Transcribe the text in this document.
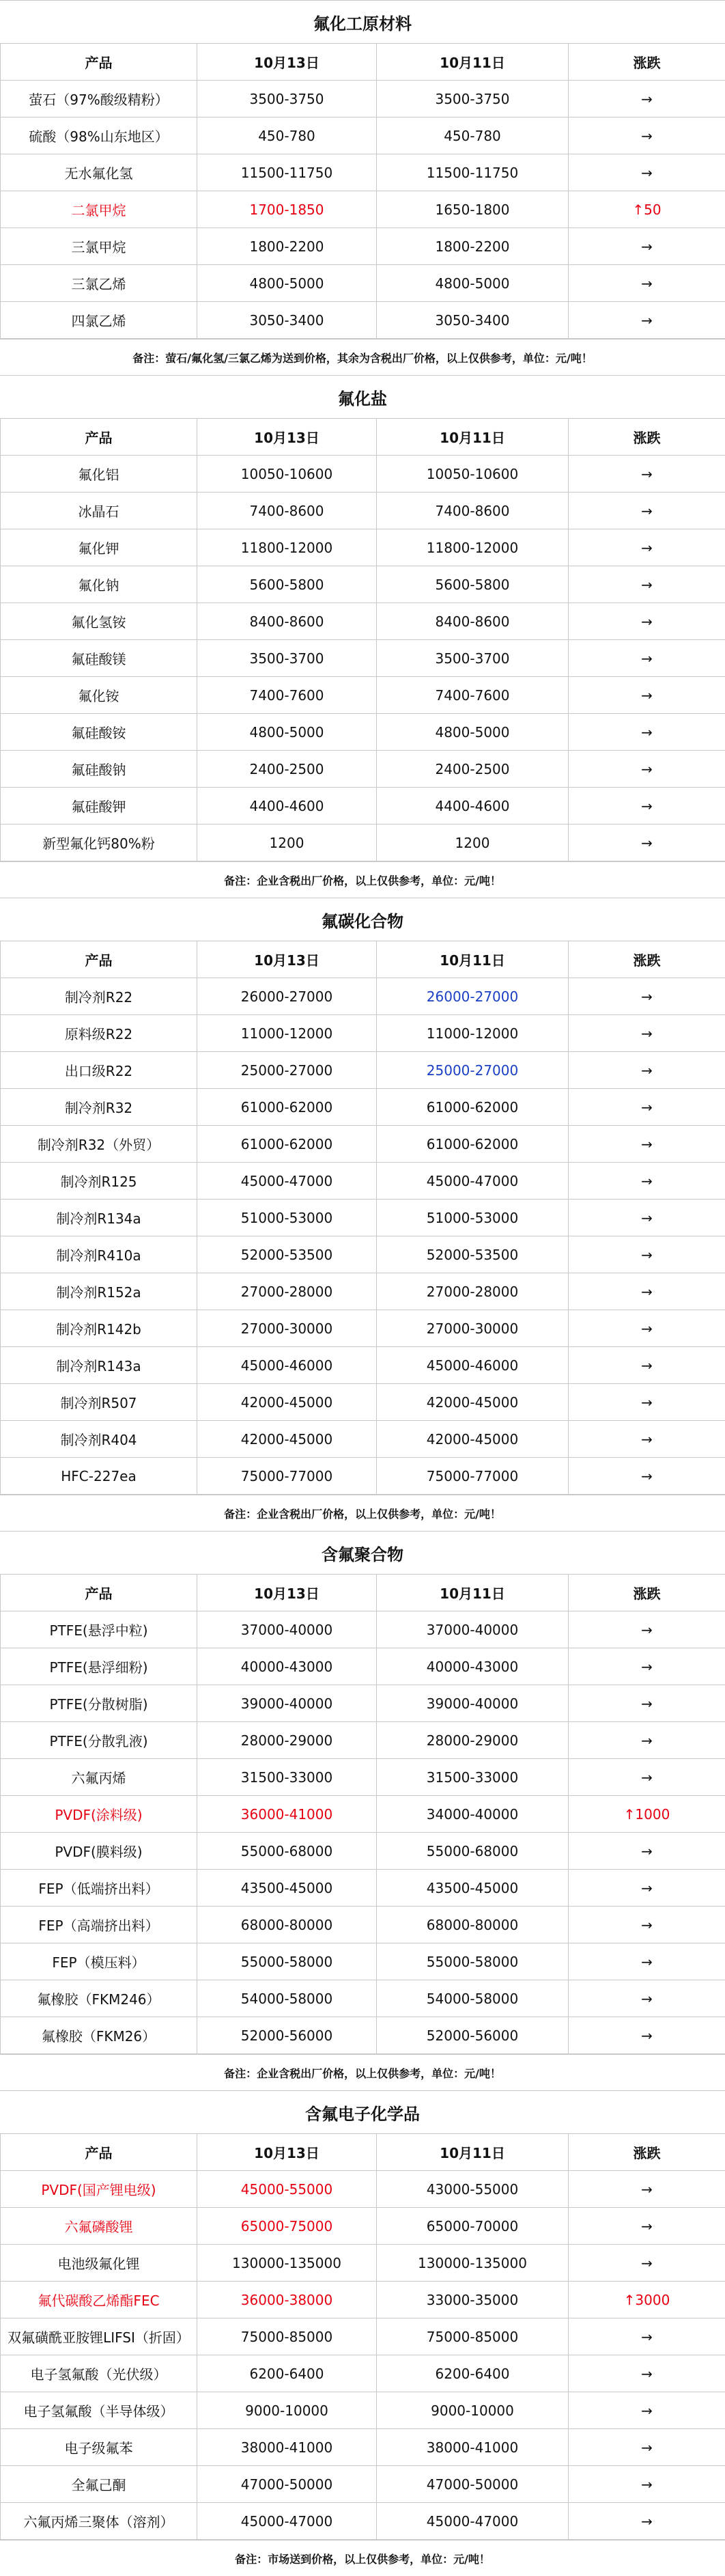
氟化工原材料
产品	10月13日	10月11日	涨跌
萤石（97%酸级精粉）	3500-3750	3500-3750	→
硫酸（98%山东地区）	450-780	450-780	→
无水氟化氢	11500-11750	11500-11750	→
二氯甲烷	1700-1850	1650-1800	↑50
三氯甲烷	1800-2200	1800-2200	→
三氯乙烯	4800-5000	4800-5000	→
四氯乙烯	3050-3400	3050-3400	→
备注：萤石/氟化氢/三氯乙烯为送到价格，其余为含税出厂价格，以上仅供参考，单位：元/吨！
氟化盐
产品	10月13日	10月11日	涨跌
氟化铝	10050-10600	10050-10600	→
冰晶石	7400-8600	7400-8600	→
氟化钾	11800-12000	11800-12000	→
氟化钠	5600-5800	5600-5800	→
氟化氢铵	8400-8600	8400-8600	→
氟硅酸镁	3500-3700	3500-3700	→
氟化铵	7400-7600	7400-7600	→
氟硅酸铵	4800-5000	4800-5000	→
氟硅酸钠	2400-2500	2400-2500	→
氟硅酸钾	4400-4600	4400-4600	→
新型氟化钙80%粉	1200	1200	→
备注：企业含税出厂价格，以上仅供参考，单位：元/吨！
氟碳化合物
产品	10月13日	10月11日	涨跌
制冷剂R22	26000-27000	26000-27000	→
原料级R22	11000-12000	11000-12000	→
出口级R22	25000-27000	25000-27000	→
制冷剂R32	61000-62000	61000-62000	→
制冷剂R32（外贸）	61000-62000	61000-62000	→
制冷剂R125	45000-47000	45000-47000	→
制冷剂R134a	51000-53000	51000-53000	→
制冷剂R410a	52000-53500	52000-53500	→
制冷剂R152a	27000-28000	27000-28000	→
制冷剂R142b	27000-30000	27000-30000	→
制冷剂R143a	45000-46000	45000-46000	→
制冷剂R507	42000-45000	42000-45000	→
制冷剂R404	42000-45000	42000-45000	→
HFC-227ea	75000-77000	75000-77000	→
备注：企业含税出厂价格，以上仅供参考，单位：元/吨！
含氟聚合物
产品	10月13日	10月11日	涨跌
PTFE(悬浮中粒)	37000-40000	37000-40000	→
PTFE(悬浮细粉)	40000-43000	40000-43000	→
PTFE(分散树脂)	39000-40000	39000-40000	→
PTFE(分散乳液)	28000-29000	28000-29000	→
六氟丙烯	31500-33000	31500-33000	→
PVDF(涂料级)	36000-41000	34000-40000	↑1000
PVDF(膜料级)	55000-68000	55000-68000	→
FEP（低端挤出料）	43500-45000	43500-45000	→
FEP（高端挤出料）	68000-80000	68000-80000	→
FEP（模压料）	55000-58000	55000-58000	→
氟橡胶（FKM246）	54000-58000	54000-58000	→
氟橡胶（FKM26）	52000-56000	52000-56000	→
备注：企业含税出厂价格，以上仅供参考，单位：元/吨！
含氟电子化学品
产品	10月13日	10月11日	涨跌
PVDF(国产锂电级)	45000-55000	43000-55000	→
六氟磷酸锂	65000-75000	65000-70000	→
电池级氟化锂	130000-135000	130000-135000	→
氟代碳酸乙烯酯FEC	36000-38000	33000-35000	↑3000
双氟磺酰亚胺锂LIFSI（折固）	75000-85000	75000-85000	→
电子氢氟酸（光伏级）	6200-6400	6200-6400	→
电子氢氟酸（半导体级）	9000-10000	9000-10000	→
电子级氟苯	38000-41000	38000-41000	→
全氟己酮	47000-50000	47000-50000	→
六氟丙烯三聚体（溶剂）	45000-47000	45000-47000	→
备注：市场送到价格，以上仅供参考，单位：元/吨！
